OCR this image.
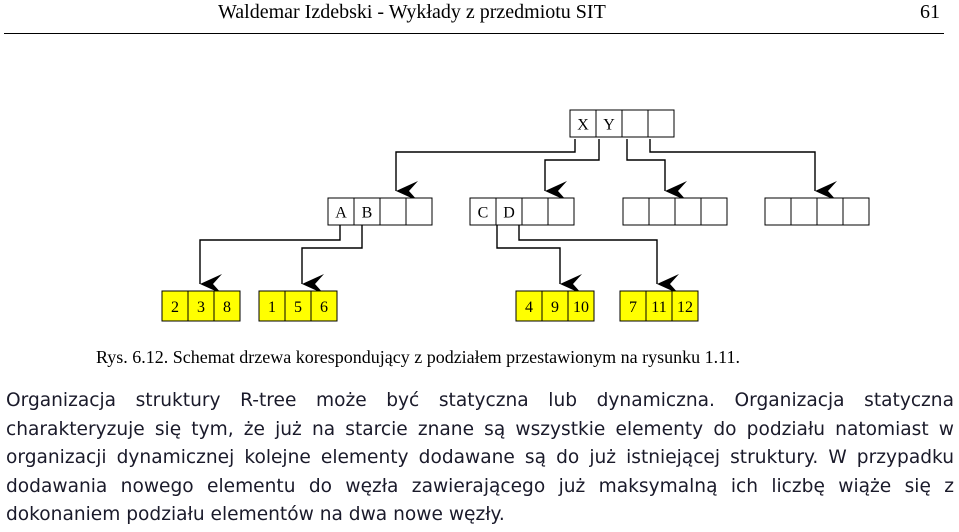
Waldemar Izdebski - Wykłady z przedmiotu SIT	61
X Y
A B	C D
2 3 8 1 5 6	4 9 10	7 11 12
Rys. 6.12. Schemat drzewa korespondujący z podziałem przestawionym na rysunku 1.11.
Organizacja struktury R-tree może być statyczna lub dynamiczna. Organizacja statyczna charakteryzuje się tym, że już na starcie znane są wszystkie elementy do podziału natomiast w organizacji dynamicznej kolejne elementy dodawane są do już istniejącej struktury. W przypadku dodawania nowego elementu do węzła zawierającego już maksymalną ich liczbę wiąże się z dokonaniem podziału elementów na dwa nowe węzły.
